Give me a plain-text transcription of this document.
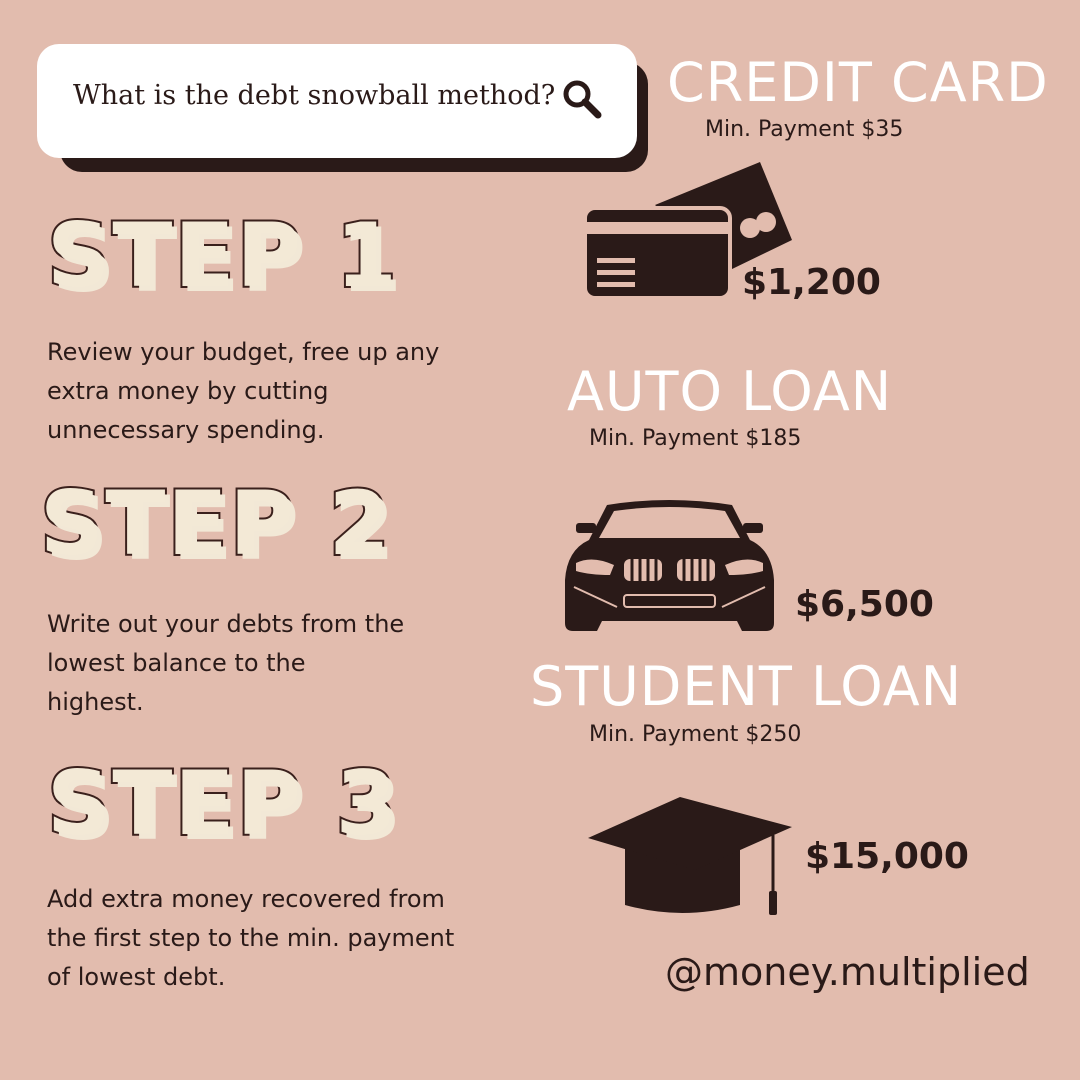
What is the debt snowball method?
STEP 1
Review your budget, free up any extra money by cutting unnecessary spending.
STEP 2
Write out your debts from the lowest balance to the highest.
STEP 3
Add extra money recovered from the first step to the min. payment of lowest debt.
CREDIT CARD
Min. Payment $35
$1,200
AUTO LOAN
Min. Payment $185
$6,500
STUDENT LOAN
Min. Payment $250
$15,000
@money.multiplied
